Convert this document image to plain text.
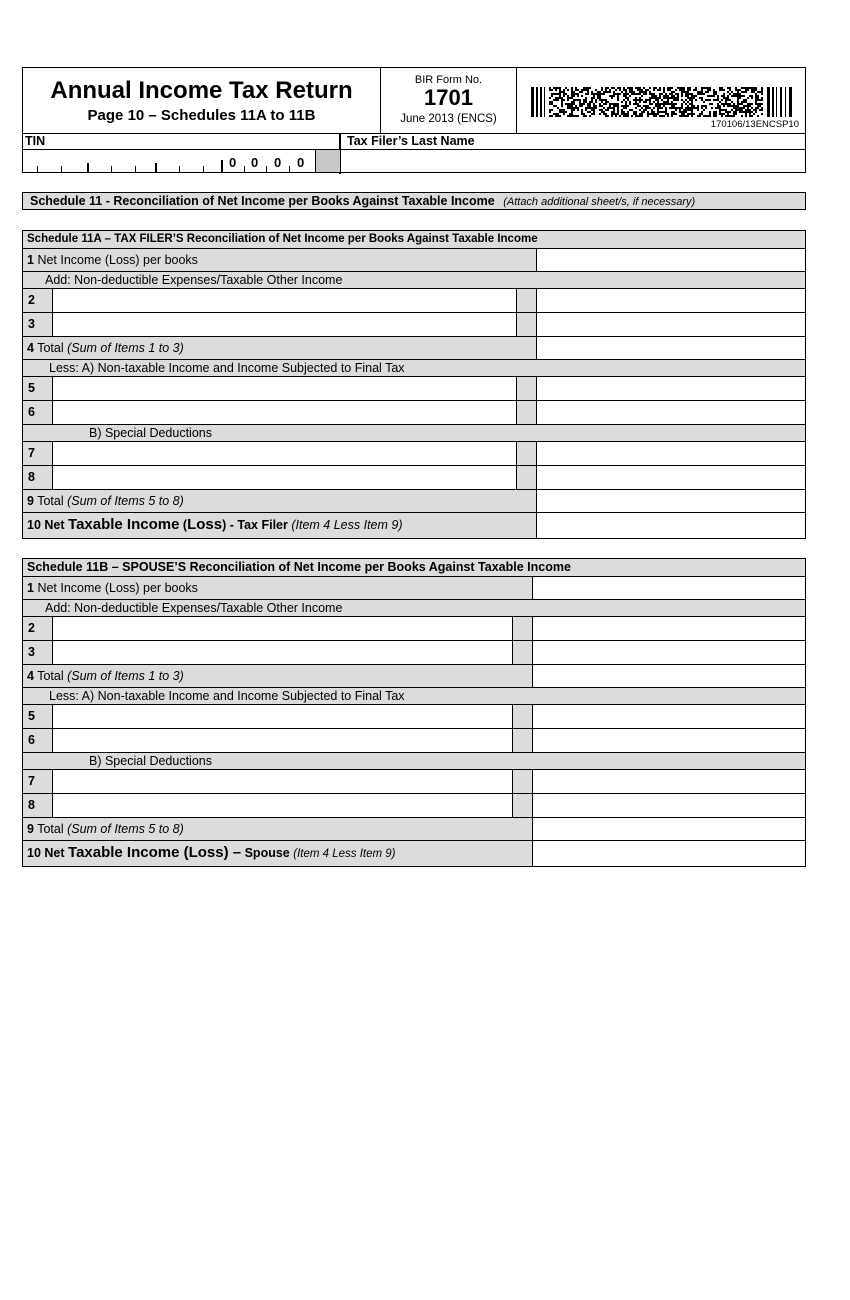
Annual Income Tax Return
Page 10 – Schedules 11A to 11B
BIR Form No.
1701
June 2013 (ENCS)	170106/13ENCSP10
TIN	Tax Filer’s Last Name
0 0 0 0
Schedule 11 - Reconciliation of Net Income per Books Against Taxable Income (Attach additional sheet/s, if necessary)
Schedule 11A – TAX FILER’S Reconciliation of Net Income per Books Against Taxable Income
1 Net Income (Loss) per books
Add: Non-deductible Expenses/Taxable Other Income
2
3
4 Total (Sum of Items 1 to 3)
Less: A) Non-taxable Income and Income Subjected to Final Tax
5
6
B) Special Deductions
7
8
9 Total (Sum of Items 5 to 8)
10 Net Taxable Income (Loss) - Tax Filer (Item 4 Less Item 9)
Schedule 11B – SPOUSE’S Reconciliation of Net Income per Books Against Taxable Income
1 Net Income (Loss) per books
Add: Non-deductible Expenses/Taxable Other Income
2
3
4 Total (Sum of Items 1 to 3)
Less: A) Non-taxable Income and Income Subjected to Final Tax
5
6
B) Special Deductions
7
8
9 Total (Sum of Items 5 to 8)
10 Net Taxable Income (Loss) – Spouse (Item 4 Less Item 9)
